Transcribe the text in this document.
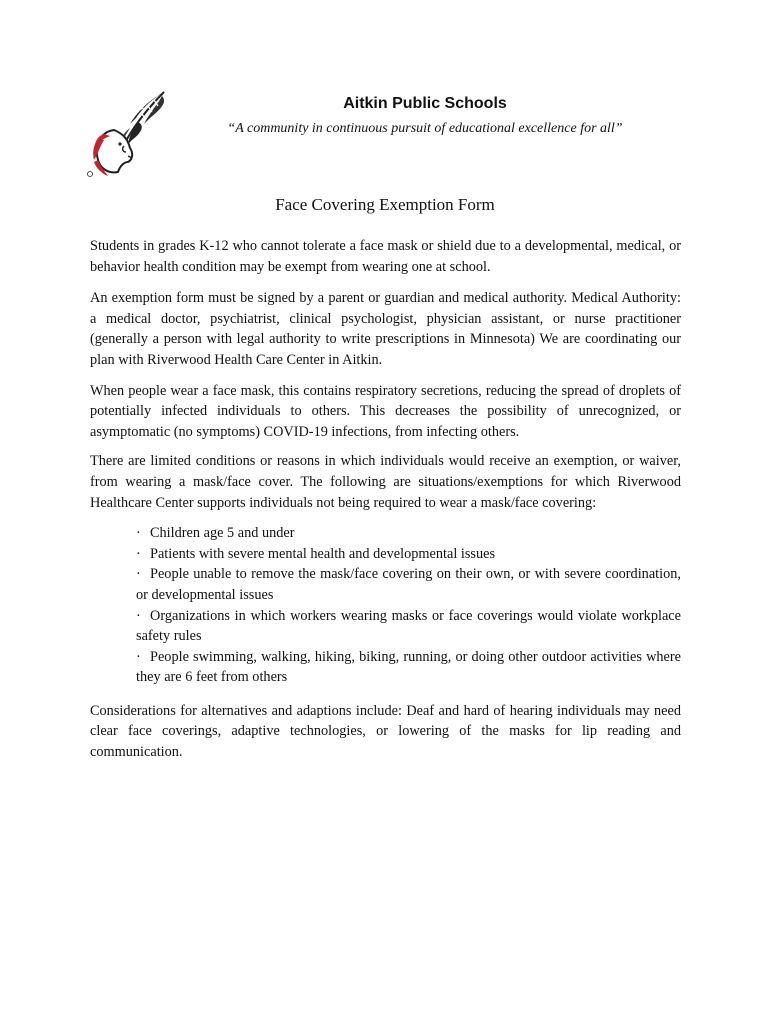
Aitkin Public Schools
“A community in continuous pursuit of educational excellence for all”
Face Covering Exemption Form

Students in grades K-12 who cannot tolerate a face mask or shield due to a developmental, medical, or behavior health condition may be exempt from wearing one at school.

An exemption form must be signed by a parent or guardian and medical authority. Medical Authority: a medical doctor, psychiatrist, clinical psychologist, physician assistant, or nurse practitioner (generally a person with legal authority to write prescriptions in Minnesota) We are coordinating our plan with Riverwood Health Care Center in Aitkin.

When people wear a face mask, this contains respiratory secretions, reducing the spread of droplets of potentially infected individuals to others. This decreases the possibility of unrecognized, or asymptomatic (no symptoms) COVID-19 infections, from infecting others.

There are limited conditions or reasons in which individuals would receive an exemption, or waiver, from wearing a mask/face cover. The following are situations/exemptions for which Riverwood Healthcare Center supports individuals not being required to wear a mask/face covering:

· Children age 5 and under
· Patients with severe mental health and developmental issues
· People unable to remove the mask/face covering on their own, or with severe coordination, or developmental issues
· Organizations in which workers wearing masks or face coverings would violate workplace safety rules
· People swimming, walking, hiking, biking, running, or doing other outdoor activities where they are 6 feet from others

Considerations for alternatives and adaptions include: Deaf and hard of hearing individuals may need clear face coverings, adaptive technologies, or lowering of the masks for lip reading and communication.
